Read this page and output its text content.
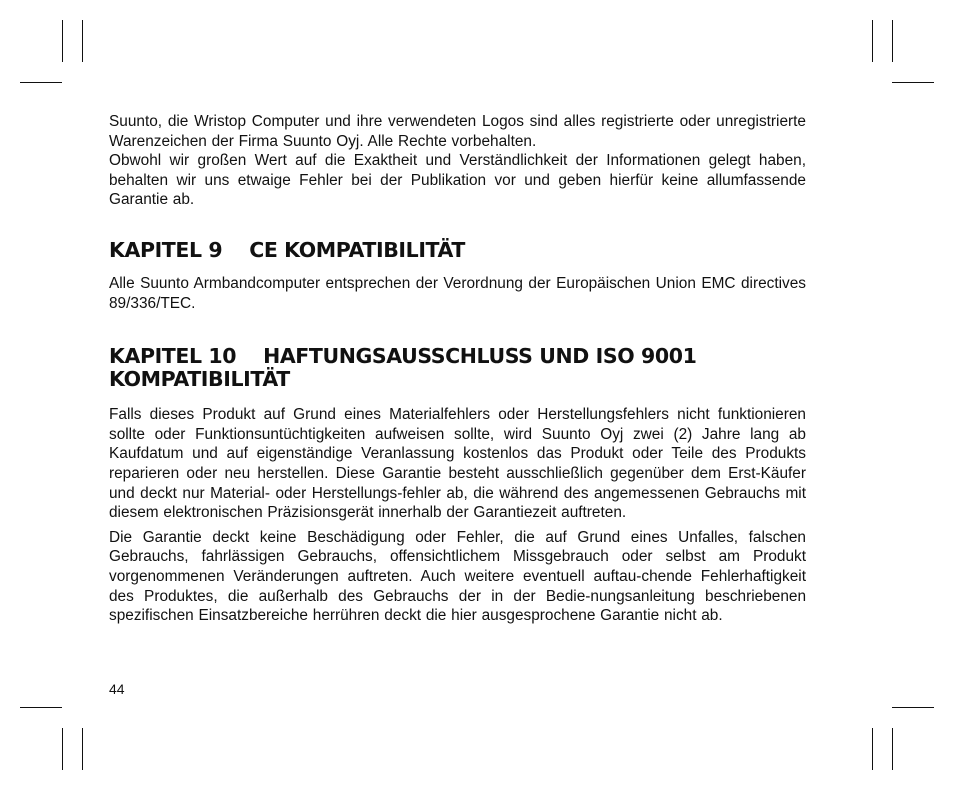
Suunto, die Wristop Computer und ihre verwendeten Logos sind alles registrierte oder unregistrierte Warenzeichen der Firma Suunto Oyj. Alle Rechte vorbehalten.

Obwohl wir großen Wert auf die Exaktheit und Verständlichkeit der Informationen gelegt haben, behalten wir uns etwaige Fehler bei der Publikation vor und geben hierfür keine allumfassende Garantie ab.

KAPITEL 9    CE KOMPATIBILITÄT

Alle Suunto Armbandcomputer entsprechen der Verordnung der Europäischen Union EMC directives 89/336/TEC.

KAPITEL 10    HAFTUNGSAUSSCHLUSS UND ISO 9001 KOMPATIBILITÄT

Falls dieses Produkt auf Grund eines Materialfehlers oder Herstellungsfehlers nicht funktionieren sollte oder Funktionsuntüchtigkeiten aufweisen sollte, wird Suunto Oyj zwei (2) Jahre lang ab Kaufdatum und auf eigenständige Veranlassung kostenlos das Produkt oder Teile des Produkts reparieren oder neu herstellen. Diese Garantie besteht ausschließlich gegenüber dem Erst-Käufer und deckt nur Material- oder Herstellungs-fehler ab, die während des angemessenen Gebrauchs mit diesem elektronischen Präzisionsgerät innerhalb der Garantiezeit auftreten.

Die Garantie deckt keine Beschädigung oder Fehler, die auf Grund eines Unfalles, falschen Gebrauchs, fahrlässigen Gebrauchs, offensichtlichem Missgebrauch oder selbst am Produkt vorgenommenen Veränderungen auftreten. Auch weitere eventuell auftau-chende Fehlerhaftigkeit des Produktes, die außerhalb des Gebrauchs der in der Bedie-nungsanleitung beschriebenen spezifischen Einsatzbereiche herrühren deckt die hier ausgesprochene Garantie nicht ab.

44
